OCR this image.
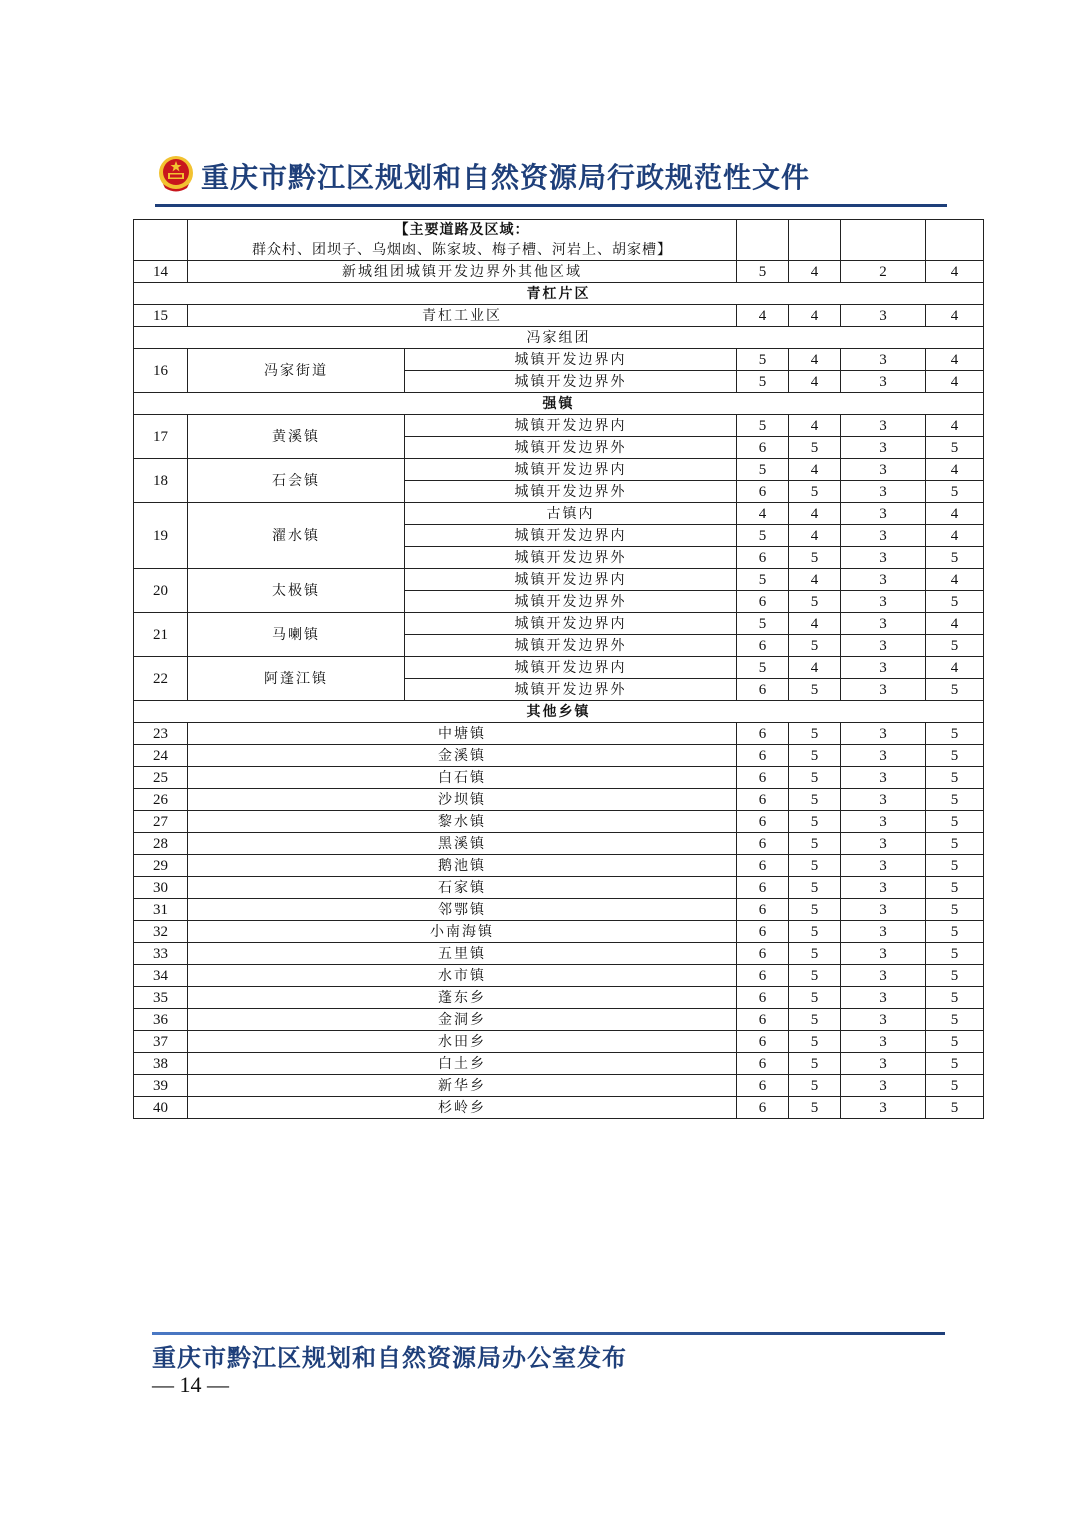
重庆市黔江区规划和自然资源局行政规范性文件
	【主要道路及区域：群众村、团坝子、乌烟凼、陈家坡、梅子槽、河岩上、胡家槽】					
14	新城组团城镇开发边界外其他区域		5	4	2	4
青杠片区						
15	青杠工业区		4	4	3	4
冯家组团						
16	冯家街道	城镇开发边界内	5	4	3	4
		城镇开发边界外	5	4	3	4
强镇						
17	黄溪镇	城镇开发边界内	5	4	3	4
		城镇开发边界外	6	5	3	5
18	石会镇	城镇开发边界内	5	4	3	4
		城镇开发边界外	6	5	3	5
19	濯水镇	古镇内	4	4	3	4
		城镇开发边界内	5	4	3	4
		城镇开发边界外	6	5	3	5
20	太极镇	城镇开发边界内	5	4	3	4
		城镇开发边界外	6	5	3	5
21	马喇镇	城镇开发边界内	5	4	3	4
		城镇开发边界外	6	5	3	5
22	阿蓬江镇	城镇开发边界内	5	4	3	4
		城镇开发边界外	6	5	3	5
其他乡镇						
23	中塘镇		6	5	3	5
24	金溪镇		6	5	3	5
25	白石镇		6	5	3	5
26	沙坝镇		6	5	3	5
27	黎水镇		6	5	3	5
28	黑溪镇		6	5	3	5
29	鹅池镇		6	5	3	5
30	石家镇		6	5	3	5
31	邻鄂镇		6	5	3	5
32	小南海镇		6	5	3	5
33	五里镇		6	5	3	5
34	水市镇		6	5	3	5
35	蓬东乡		6	5	3	5
36	金洞乡		6	5	3	5
37	水田乡		6	5	3	5
38	白土乡		6	5	3	5
39	新华乡		6	5	3	5
40	杉岭乡		6	5	3	5
重庆市黔江区规划和自然资源局办公室发布
— 14 —
